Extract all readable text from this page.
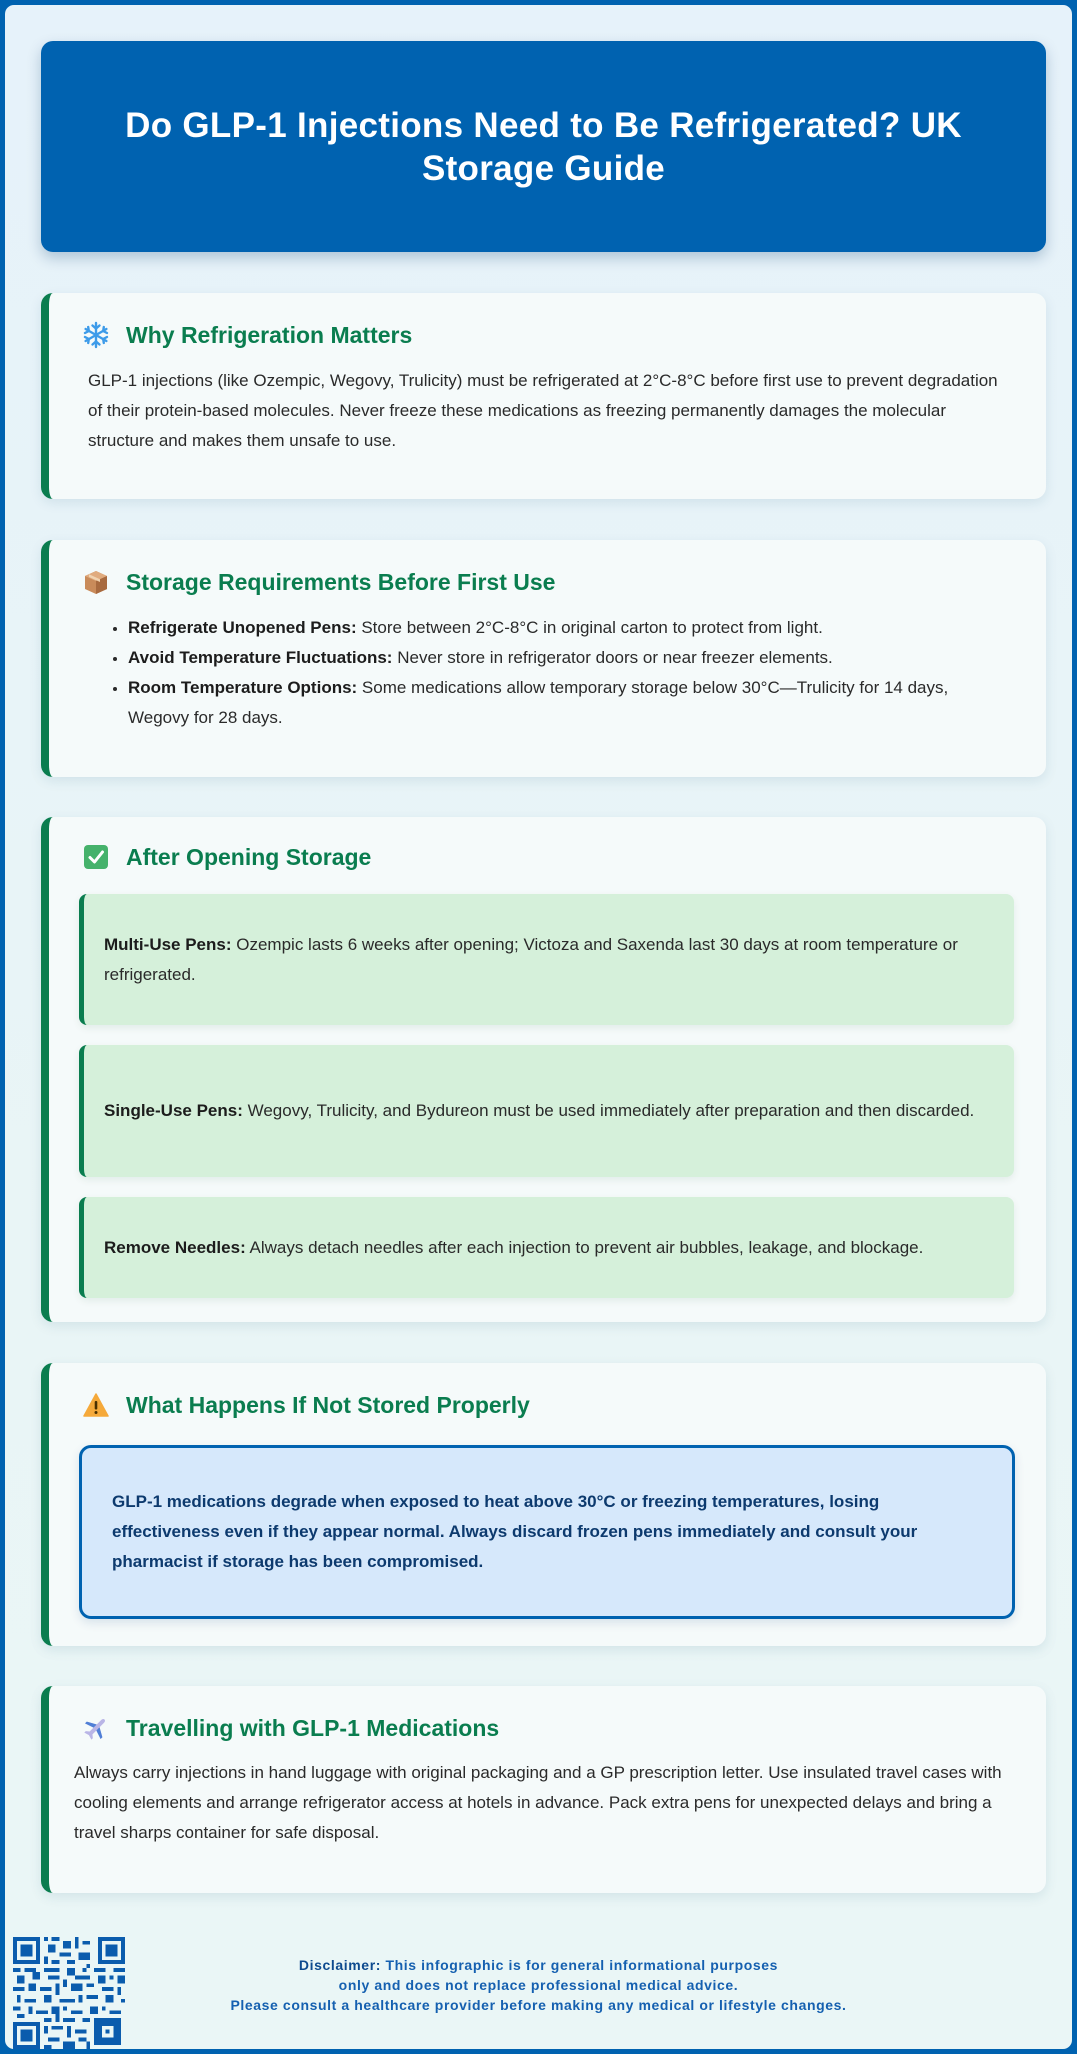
Do GLP-1 Injections Need to Be Refrigerated? UK Storage Guide
Why Refrigeration Matters

GLP-1 injections (like Ozempic, Wegovy, Trulicity) must be refrigerated at 2°C-8°C before first use to prevent degradation of their protein-based molecules. Never freeze these medications as freezing permanently damages the molecular structure and makes them unsafe to use.

Storage Requirements Before First Use
• Refrigerate Unopened Pens: Store between 2°C-8°C in original carton to protect from light.
• Avoid Temperature Fluctuations: Never store in refrigerator doors or near freezer elements.
• Room Temperature Options: Some medications allow temporary storage below 30°C—Trulicity for 14 days, Wegovy for 28 days.
After Opening Storage
Multi-Use Pens: Ozempic lasts 6 weeks after opening; Victoza and Saxenda last 30 days at room temperature or refrigerated.
Single-Use Pens: Wegovy, Trulicity, and Bydureon must be used immediately after preparation and then discarded.
Remove Needles: Always detach needles after each injection to prevent air bubbles, leakage, and blockage.
What Happens If Not Stored Properly
GLP-1 medications degrade when exposed to heat above 30°C or freezing temperatures, losing effectiveness even if they appear normal. Always discard frozen pens immediately and consult your pharmacist if storage has been compromised.
Travelling with GLP-1 Medications

Always carry injections in hand luggage with original packaging and a GP prescription letter. Use insulated travel cases with cooling elements and arrange refrigerator access at hotels in advance. Pack extra pens for unexpected delays and bring a travel sharps container for safe disposal.

Disclaimer: This infographic is for general informational purposes
only and does not replace professional medical advice.
Please consult a healthcare provider before making any medical or lifestyle changes.
